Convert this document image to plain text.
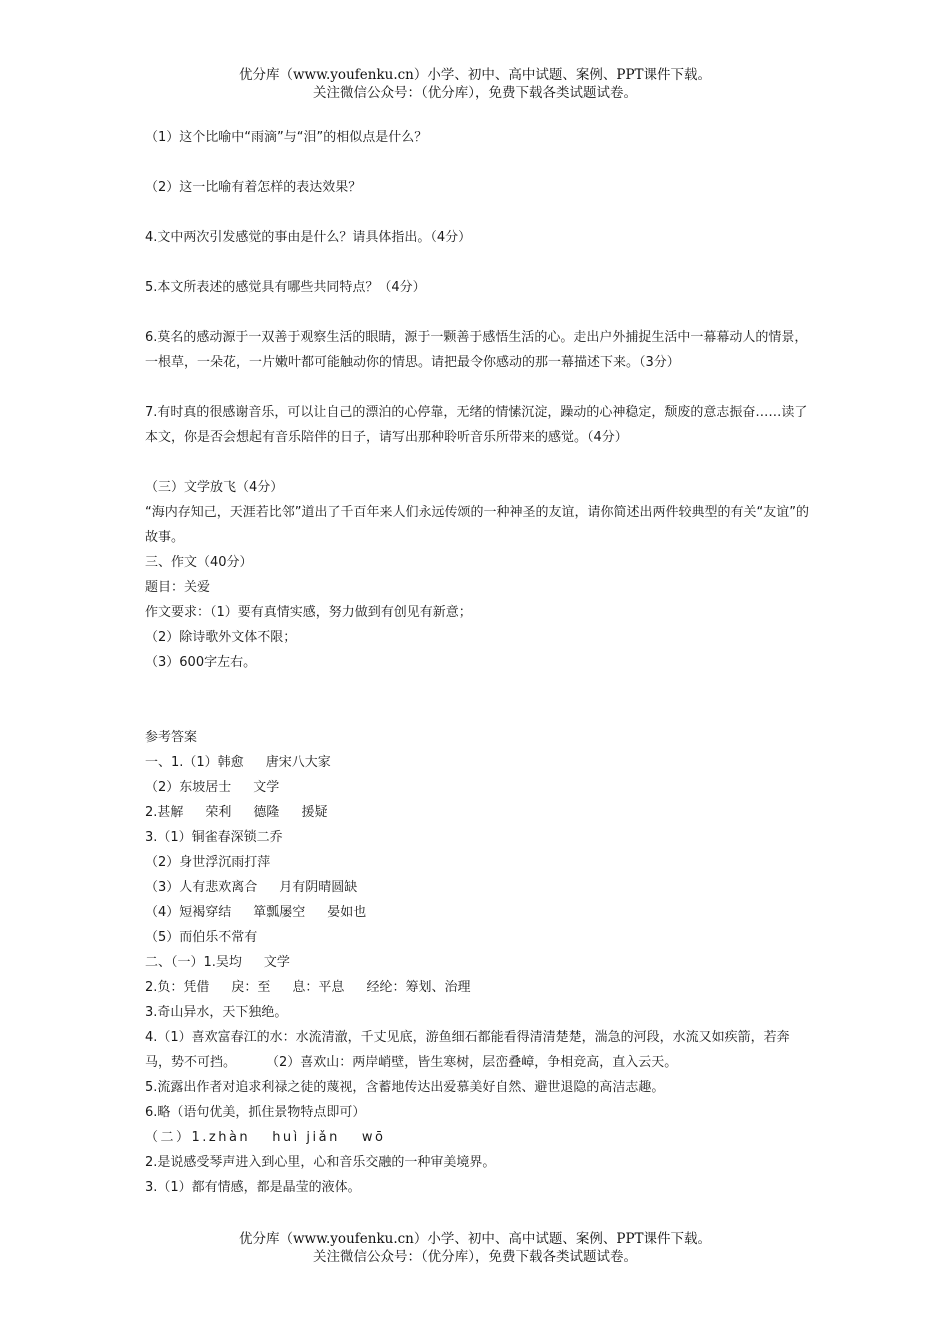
优分库（www.youfenku.cn）小学、初中、高中试题、案例、PPT课件下载。
关注微信公众号：（优分库），免费下载各类试题试卷。

（1）这个比喻中“雨滴”与“泪”的相似点是什么？

（2）这一比喻有着怎样的表达效果？

4.文中两次引发感觉的事由是什么？请具体指出。（4分）

5.本文所表述的感觉具有哪些共同特点？（4分）

6.莫名的感动源于一双善于观察生活的眼睛，源于一颗善于感悟生活的心。走出户外捕捉生活中一幕幕动人的情景，一根草，一朵花，一片嫩叶都可能触动你的情思。请把最令你感动的那一幕描述下来。（3分）

7.有时真的很感谢音乐，可以让自己的漂泊的心停靠，无绪的情愫沉淀，躁动的心神稳定，颓废的意志振奋……读了本文，你是否会想起有音乐陪伴的日子，请写出那种聆听音乐所带来的感觉。（4分）

（三）文学放飞（4分）

“海内存知己，天涯若比邻”道出了千百年来人们永远传颂的一种神圣的友谊，请你简述出两件较典型的有关“友谊”的故事。

三、作文（40分）

题目：关爱

作文要求：（1）要有真情实感，努力做到有创见有新意；

（2）除诗歌外文体不限；

（3）600字左右。

参考答案

一、1.（1）韩愈 唐宋八大家

（2）东坡居士 文学

2.甚解 荣利 德隆 援疑

3.（1）铜雀春深锁二乔

（2）身世浮沉雨打萍

（3）人有悲欢离合 月有阴晴圆缺

（4）短褐穿结 箪瓢屡空 晏如也

（5）而伯乐不常有

二、（一）1.吴均 文学

2.负：凭借 戾：至 息：平息 经纶：筹划、治理

3.奇山异水，天下独绝。

4.（1）喜欢富春江的水：水流清澈，千丈见底，游鱼细石都能看得清清楚楚，湍急的河段，水流又如疾箭，若奔马，势不可挡。 （2）喜欢山：两岸峭壁，皆生寒树，层峦叠嶂，争相竞高，直入云天。

5.流露出作者对追求利禄之徒的蔑视，含蓄地传达出爱慕美好自然、避世退隐的高洁志趣。

6.略（语句优美，抓住景物特点即可）

（二）1.zhàn huì jiǎn wō

2.是说感受琴声进入到心里，心和音乐交融的一种审美境界。

3.（1）都有情感，都是晶莹的液体。

优分库（www.youfenku.cn）小学、初中、高中试题、案例、PPT课件下载。
关注微信公众号：（优分库），免费下载各类试题试卷。
